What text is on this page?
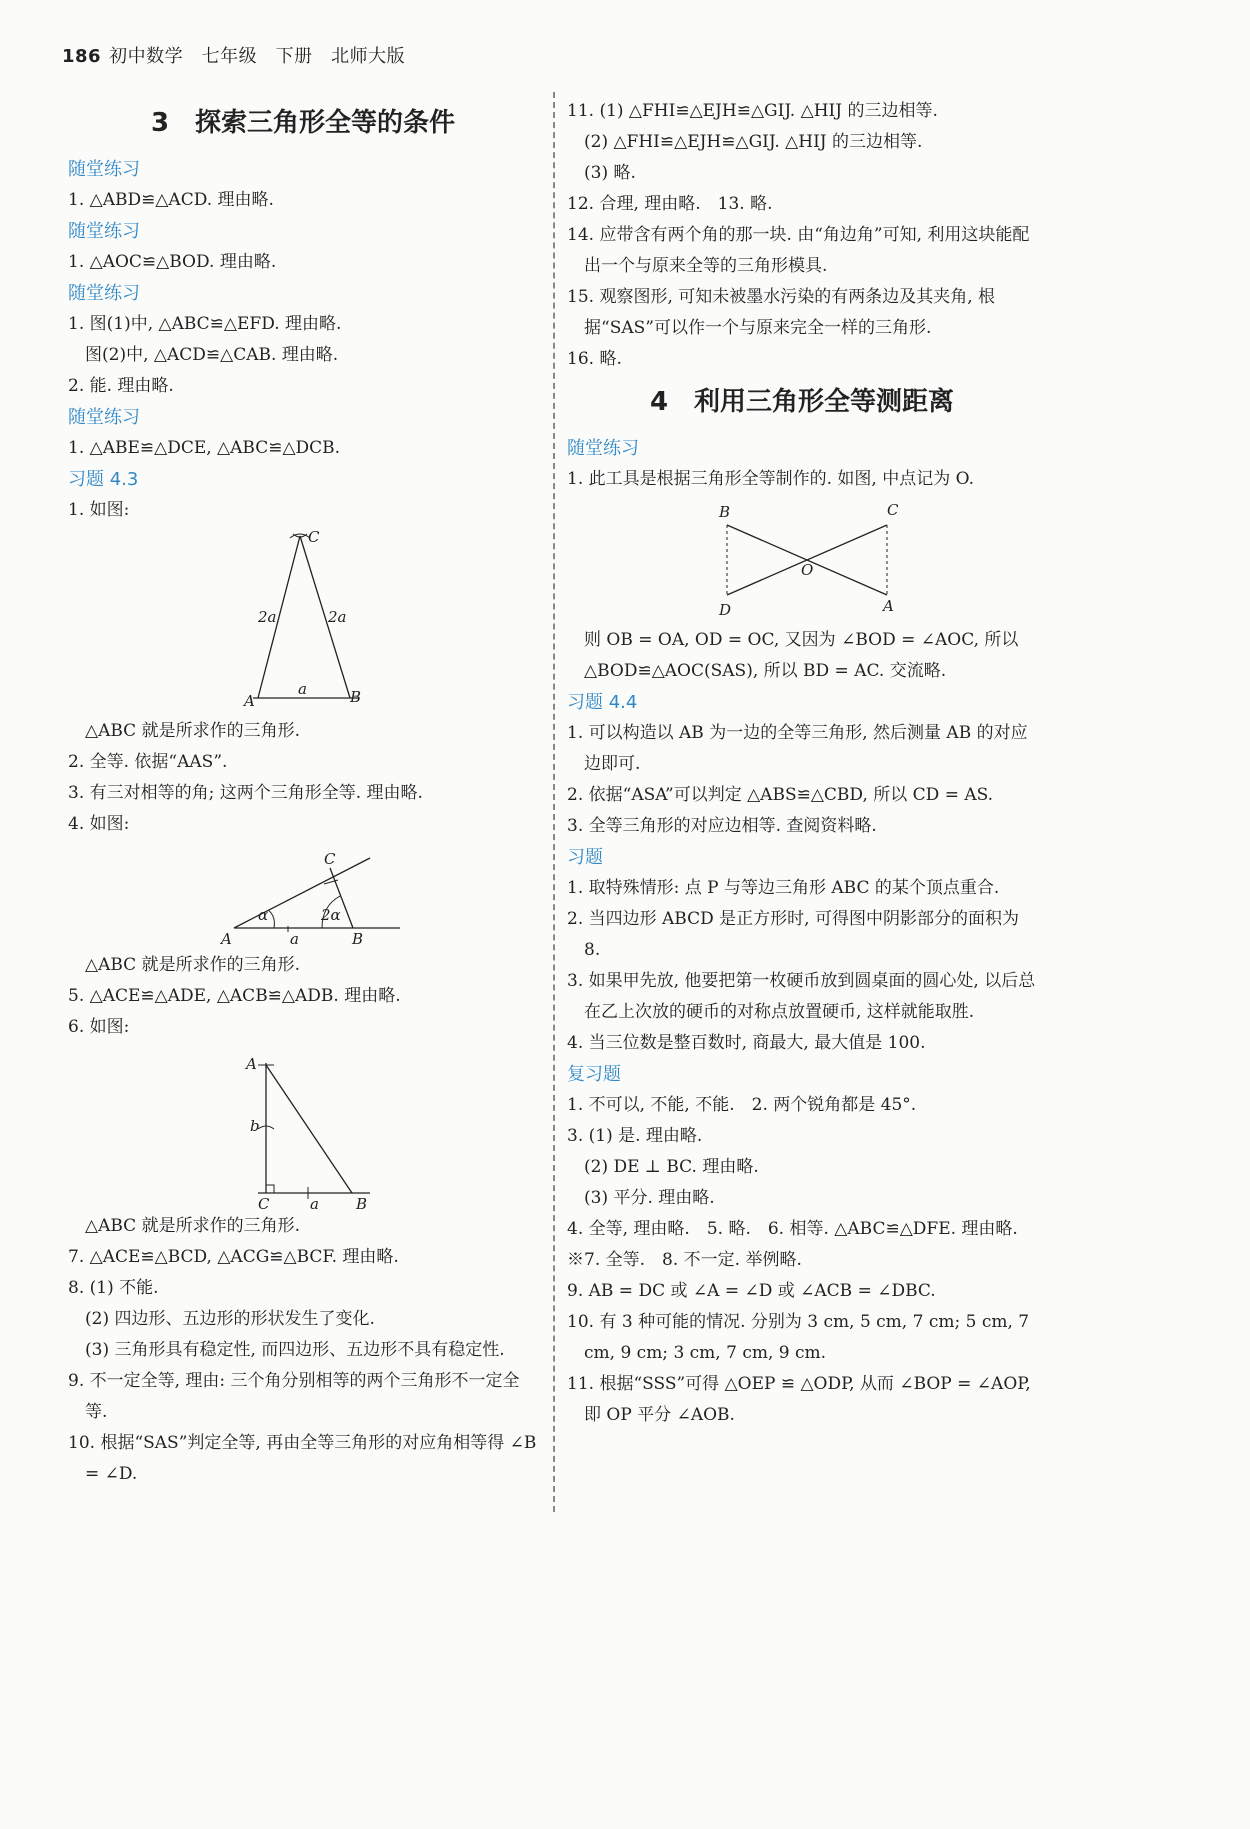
186 初中数学　七年级　下册　北师大版
3　探索三角形全等的条件
随堂练习
1. △ABD≌△ACD. 理由略.
随堂练习
1. △AOC≌△BOD. 理由略.
随堂练习
1. 图(1)中, △ABC≌△EFD. 理由略.
图(2)中, △ACD≌△CAB. 理由略.
2. 能. 理由略.
随堂练习
1. △ABE≌△DCE, △ABC≌△DCB.
习题 4.3
1. 如图:
C
A	B
2a	2a
a
△ABC 就是所求作的三角形.
2. 全等. 依据“AAS”.
3. 有三对相等的角; 这两个三角形全等. 理由略.
4. 如图:
A	B
C
α	2α
a
△ABC 就是所求作的三角形.
5. △ACE≌△ADE, △ACB≌△ADB. 理由略.
6. 如图:
A
b
C	a B
△ABC 就是所求作的三角形.
7. △ACE≌△BCD, △ACG≌△BCF. 理由略.
8. (1) 不能.
(2) 四边形、五边形的形状发生了变化.
(3) 三角形具有稳定性, 而四边形、五边形不具有稳定性.
9. 不一定全等, 理由: 三个角分别相等的两个三角形不一定全等.
10. 根据“SAS”判定全等, 再由全等三角形的对应角相等得 ∠B = ∠D.
11. (1) △FHI≌△EJH≌△GIJ. △HIJ 的三边相等.
(2) △FHI≌△EJH≌△GIJ. △HIJ 的三边相等.
(3) 略.
12. 合理, 理由略.　13. 略.
14. 应带含有两个角的那一块. 由“角边角”可知, 利用这块能配出一个与原来全等的三角形模具.
15. 观察图形, 可知未被墨水污染的有两条边及其夹角, 根据“SAS”可以作一个与原来完全一样的三角形.
16. 略.
4　利用三角形全等测距离
随堂练习
1. 此工具是根据三角形全等制作的. 如图, 中点记为 O.
B	C
O
D	A
则 OB = OA, OD = OC, 又因为 ∠BOD = ∠AOC, 所以 △BOD≌△AOC(SAS), 所以 BD = AC. 交流略.
习题 4.4
1. 可以构造以 AB 为一边的全等三角形, 然后测量 AB 的对应边即可.
2. 依据“ASA”可以判定 △ABS≌△CBD, 所以 CD = AS.
3. 全等三角形的对应边相等. 查阅资料略.
习题
1. 取特殊情形: 点 P 与等边三角形 ABC 的某个顶点重合.
2. 当四边形 ABCD 是正方形时, 可得图中阴影部分的面积为 8.
3. 如果甲先放, 他要把第一枚硬币放到圆桌面的圆心处, 以后总在乙上次放的硬币的对称点放置硬币, 这样就能取胜.
4. 当三位数是整百数时, 商最大, 最大值是 100.
复习题
1. 不可以, 不能, 不能.　2. 两个锐角都是 45°.
3. (1) 是. 理由略.
(2) DE ⊥ BC. 理由略.
(3) 平分. 理由略.
4. 全等, 理由略.　5. 略.　6. 相等. △ABC≌△DFE. 理由略.
※7. 全等.　8. 不一定. 举例略.
9. AB = DC 或 ∠A = ∠D 或 ∠ACB = ∠DBC.
10. 有 3 种可能的情况. 分别为 3 cm, 5 cm, 7 cm; 5 cm, 7 cm, 9 cm; 3 cm, 7 cm, 9 cm.
11. 根据“SSS”可得 △OEP ≌ △ODP, 从而 ∠BOP = ∠AOP, 即 OP 平分 ∠AOB.
